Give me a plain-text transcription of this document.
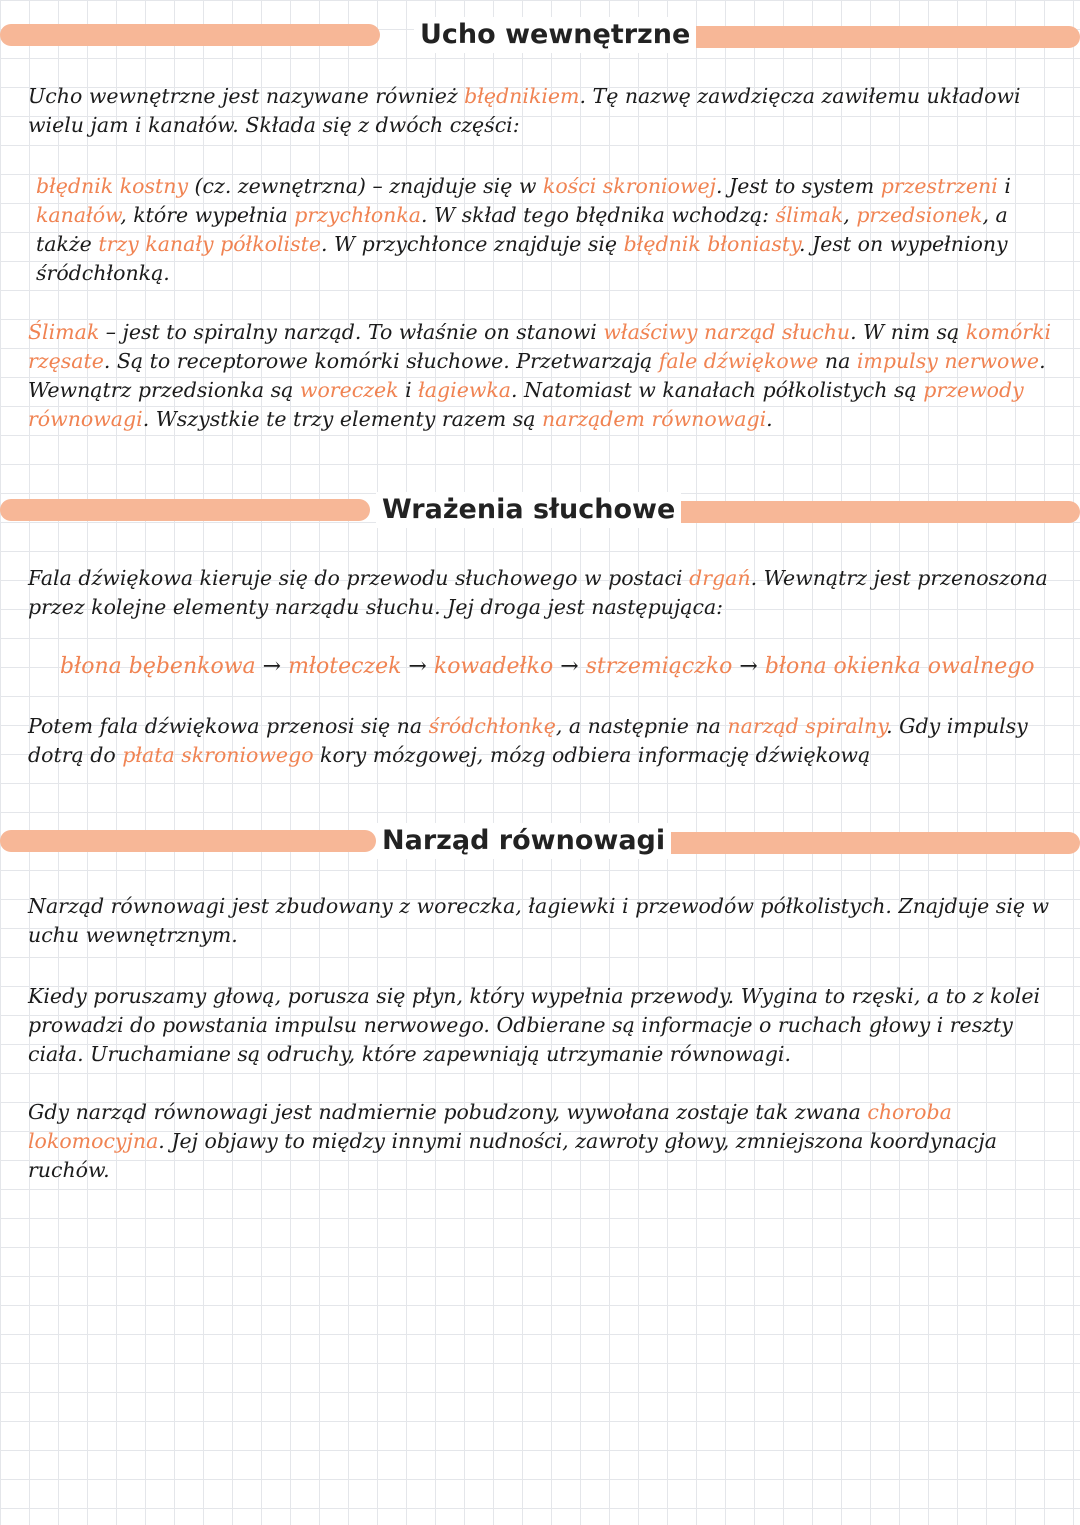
Ucho wewnętrzne
Ucho wewnętrzne jest nazywane również błędnikiem. Tę nazwę zawdzięcza zawiłemu układowi wielu jam i kanałów. Składa się z dwóch części:
błędnik kostny (cz. zewnętrzna) – znajduje się w kości skroniowej. Jest to system przestrzeni i kanałów, które wypełnia przychłonka. W skład tego błędnika wchodzą: ślimak, przedsionek, a także trzy kanały półkoliste. W przychłonce znajduje się błędnik błoniasty. Jest on wypełniony śródchłonką.
Ślimak – jest to spiralny narząd. To właśnie on stanowi właściwy narząd słuchu. W nim są komórki rzęsate. Są to receptorowe komórki słuchowe. Przetwarzają fale dźwiękowe na impulsy nerwowe. Wewnątrz przedsionka są woreczek i łagiewka. Natomiast w kanałach półkolistych są przewody równowagi. Wszystkie te trzy elementy razem są narządem równowagi.
Wrażenia słuchowe
Fala dźwiękowa kieruje się do przewodu słuchowego w postaci drgań. Wewnątrz jest przenoszona przez kolejne elementy narządu słuchu. Jej droga jest następująca:
błona bębenkowa → młoteczek → kowadełko → strzemiączko → błona okienka owalnego
Potem fala dźwiękowa przenosi się na śródchłonkę, a następnie na narząd spiralny. Gdy impulsy dotrą do płata skroniowego kory mózgowej, mózg odbiera informację dźwiękową
Narząd równowagi
Narząd równowagi jest zbudowany z woreczka, łagiewki i przewodów półkolistych. Znajduje się w uchu wewnętrznym.
Kiedy poruszamy głową, porusza się płyn, który wypełnia przewody. Wygina to rzęski, a to z kolei prowadzi do powstania impulsu nerwowego. Odbierane są informacje o ruchach głowy i reszty ciała. Uruchamiane są odruchy, które zapewniają utrzymanie równowagi.
Gdy narząd równowagi jest nadmiernie pobudzony, wywołana zostaje tak zwana choroba lokomocyjna. Jej objawy to między innymi nudności, zawroty głowy, zmniejszona koordynacja ruchów.
